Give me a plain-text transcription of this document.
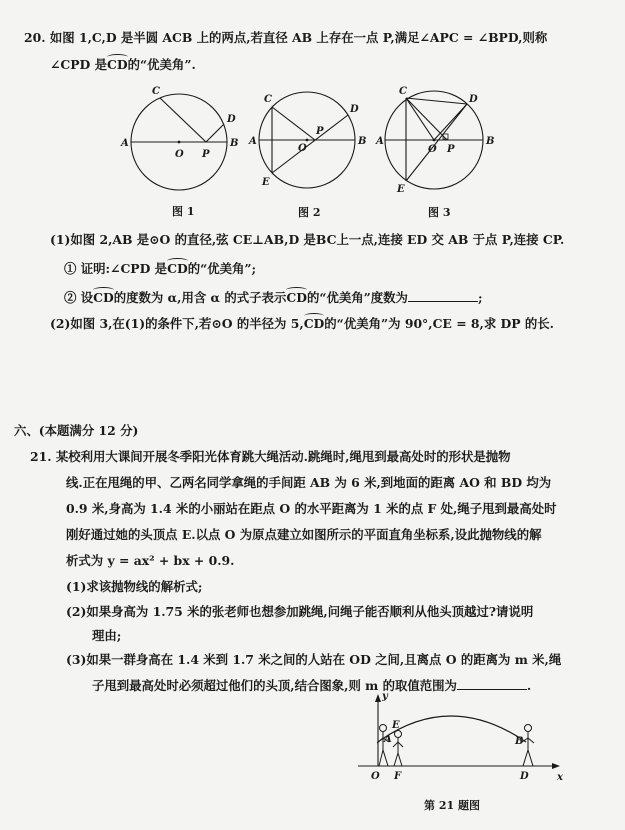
20. 如图 1,C,D 是半圆 ACB 上的两点,若直径 AB 上存在一点 P,满足∠APC = ∠BPD,则称
∠CPD 是CD的“优美角”.
A	B
C
D
O P
图 1
A	B
C
D
O
P
E
图 2
A	B
C
D
O P
E
图 3
(1)如图 2,AB 是⊙O 的直径,弦 CE⊥AB,D 是BC上一点,连接 ED 交 AB 于点 P,连接 CP.
① 证明:∠CPD 是CD的“优美角”;
② 设CD的度数为 α,用含 α 的式子表示CD的“优美角”度数为	;
(2)如图 3,在(1)的条件下,若⊙O 的半径为 5,CD的“优美角”为 90°,CE = 8,求 DP 的长.
六、(本题满分 12 分)
21. 某校利用大课间开展冬季阳光体育跳大绳活动.跳绳时,绳甩到最高处时的形状是抛物
线.正在甩绳的甲、乙两名同学拿绳的手间距 AB 为 6 米,到地面的距离 AO 和 BD 均为
0.9 米,身高为 1.4 米的小丽站在距点 O 的水平距离为 1 米的点 F 处,绳子甩到最高处时
刚好通过她的头顶点 E.以点 O 为原点建立如图所示的平面直角坐标系,设此抛物线的解
析式为 y = ax² + bx + 0.9.
(1)求该抛物线的解析式;
(2)如果身高为 1.75 米的张老师也想参加跳绳,问绳子能否顺利从他头顶越过?请说明
理由;
(3)如果一群身高在 1.4 米到 1.7 米之间的人站在 OD 之间,且离点 O 的距离为 m 米,绳
子甩到最高处时必须超过他们的头顶,结合图象,则 m 的取值范围为	.
y
x
O F	D
A
E
B
第 21 题图
